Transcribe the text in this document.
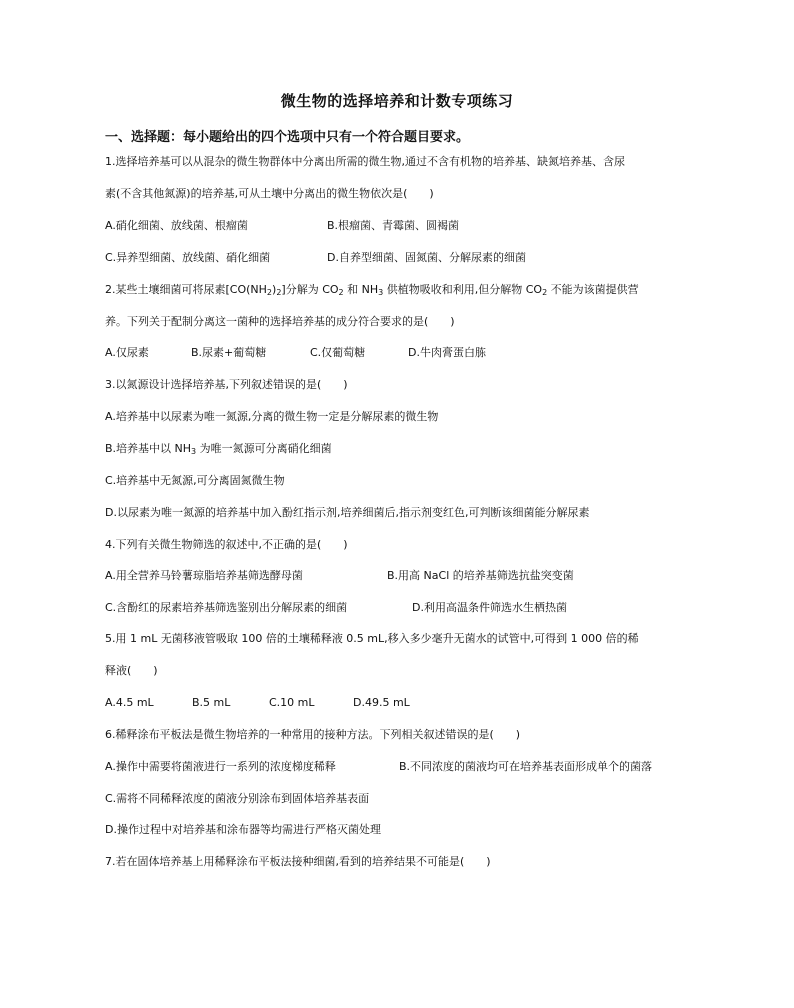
微生物的选择培养和计数专项练习
一、选择题：每小题给出的四个选项中只有一个符合题目要求。
1.选择培养基可以从混杂的微生物群体中分离出所需的微生物,通过不含有机物的培养基、缺氮培养基、含尿
素(不含其他氮源)的培养基,可从土壤中分离出的微生物依次是(　　)
A.硝化细菌、放线菌、根瘤菌	B.根瘤菌、青霉菌、圆褐菌
C.异养型细菌、放线菌、硝化细菌	D.自养型细菌、固氮菌、分解尿素的细菌
2.某些土壤细菌可将尿素$[CO(NH_2)_2]$分解为 $CO_2$ 和 $NH_3$ 供植物吸收和利用,但分解物 $CO_2$ 不能为该菌提供营
养。下列关于配制分离这一菌种的选择培养基的成分符合要求的是(　　)
A.仅尿素	B.尿素+葡萄糖	C.仅葡萄糖	D.牛肉膏蛋白胨
3.以氮源设计选择培养基,下列叙述错误的是(　　)
A.培养基中以尿素为唯一氮源,分离的微生物一定是分解尿素的微生物
B.培养基中以 $NH_3$ 为唯一氮源可分离硝化细菌
C.培养基中无氮源,可分离固氮微生物
D.以尿素为唯一氮源的培养基中加入酚红指示剂,培养细菌后,指示剂变红色,可判断该细菌能分解尿素
4.下列有关微生物筛选的叙述中,不正确的是(　　)
A.用全营养马铃薯琼脂培养基筛选酵母菌	B.用高 NaCl 的培养基筛选抗盐突变菌
C.含酚红的尿素培养基筛选鉴别出分解尿素的细菌	D.利用高温条件筛选水生栖热菌
5.用 1 mL 无菌移液管吸取 100 倍的土壤稀释液 0.5 mL,移入多少毫升无菌水的试管中,可得到 1 000 倍的稀
释液(　　)
A.4.5 mL	B.5 mL	C.10 mL	D.49.5 mL
6.稀释涂布平板法是微生物培养的一种常用的接种方法。下列相关叙述错误的是(　　)
A.操作中需要将菌液进行一系列的浓度梯度稀释	B.不同浓度的菌液均可在培养基表面形成单个的菌落
C.需将不同稀释浓度的菌液分别涂布到固体培养基表面
D.操作过程中对培养基和涂布器等均需进行严格灭菌处理
7.若在固体培养基上用稀释涂布平板法接种细菌,看到的培养结果不可能是(　　)
